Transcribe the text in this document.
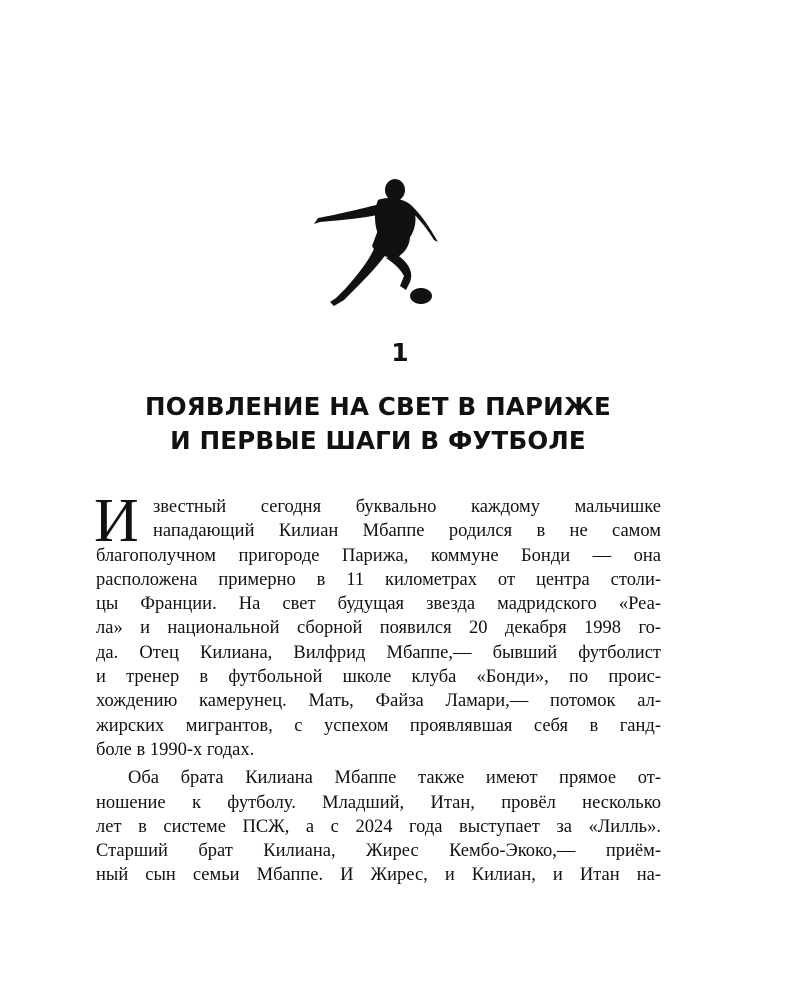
1
ПОЯВЛЕНИЕ НА СВЕТ В ПАРИЖЕ
И ПЕРВЫЕ ШАГИ В ФУТБОЛЕ
И звестный сегодня буквально каждому мальчишке
нападающий Килиан Мбаппе родился в не самом
благополучном пригороде Парижа, коммуне Бонди — она
расположена примерно в 11 километрах от центра столи-
цы Франции. На свет будущая звезда мадридского «Реа-
ла» и национальной сборной появился 20 декабря 1998 го-
да. Отец Килиана, Вилфрид Мбаппе,— бывший футболист
и тренер в футбольной школе клуба «Бонди», по проис-
хождению камерунец. Мать, Файза Ламари,— потомок ал-
жирских мигрантов, с успехом проявлявшая себя в ганд-
боле в 1990-х годах.
Оба брата Килиана Мбаппе также имеют прямое от-
ношение к футболу. Младший, Итан, провёл несколько
лет в системе ПСЖ, а с 2024 года выступает за «Лилль».
Старший брат Килиана, Жирес Кембо-Экоко,— приём-
ный сын семьи Мбаппе. И Жирес, и Килиан, и Итан на-
